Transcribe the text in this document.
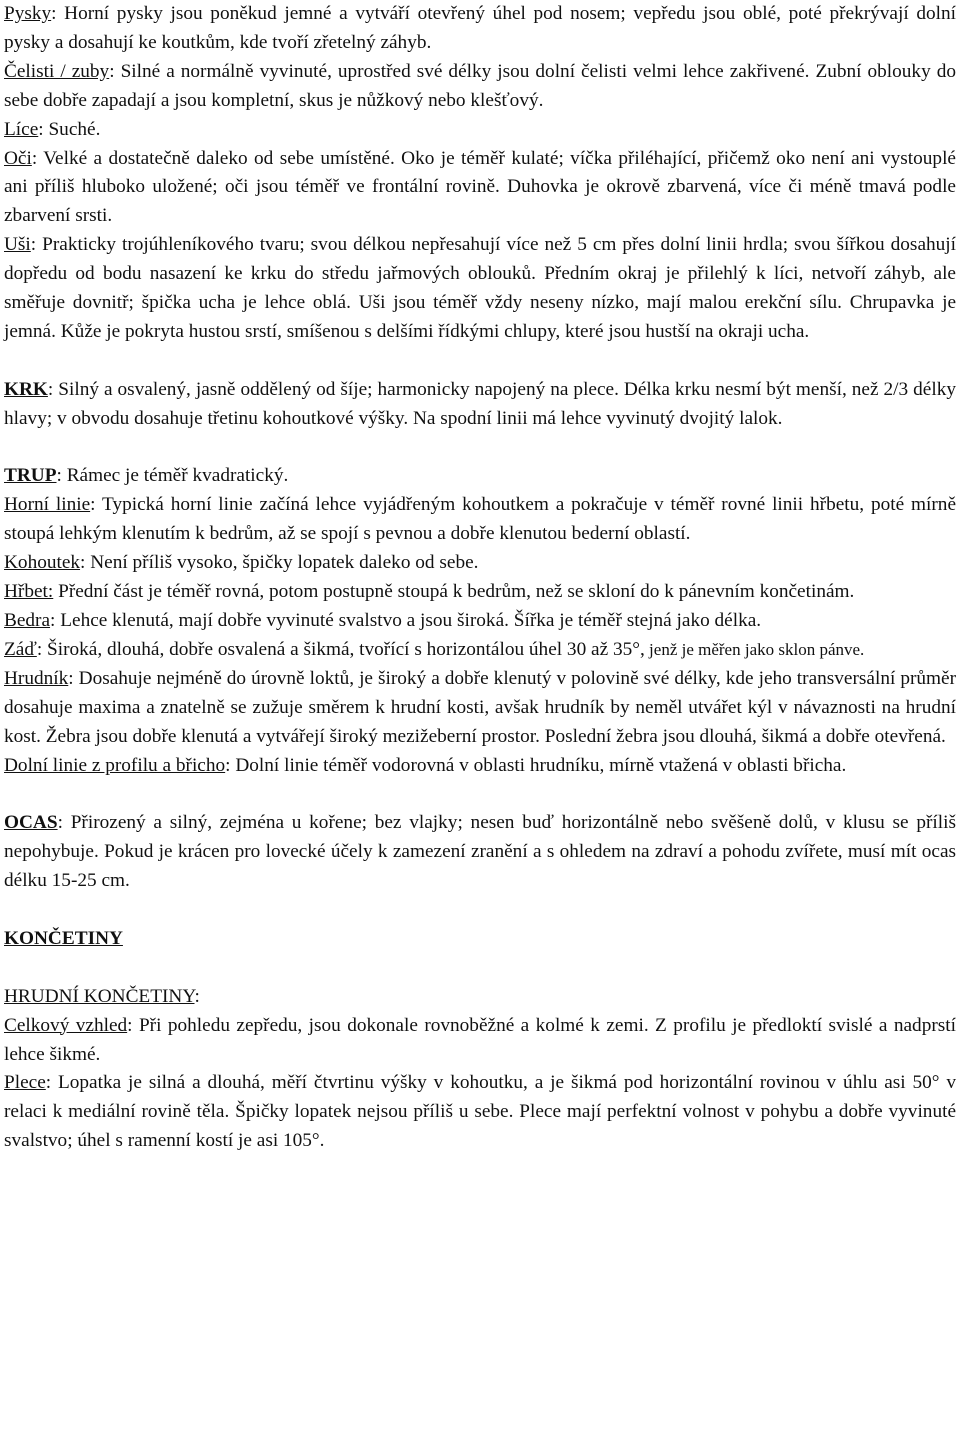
Pysky: Horní pysky jsou poněkud jemné a vytváří otevřený úhel pod nosem; vepředu jsou oblé, poté překrývají dolní pysky a dosahují ke koutkům, kde tvoří zřetelný záhyb.

Čelisti / zuby: Silné a normálně vyvinuté, uprostřed své délky jsou dolní čelisti velmi lehce zakřivené. Zubní oblouky do sebe dobře zapadají a jsou kompletní, skus je nůžkový nebo klešťový.

Líce: Suché.

Oči: Velké a dostatečně daleko od sebe umístěné. Oko je téměř kulaté; víčka přiléhající, přičemž oko není ani vystouplé ani příliš hluboko uložené; oči jsou téměř ve frontální rovině. Duhovka je okrově zbarvená, více či méně tmavá podle zbarvení srsti.

Uši: Prakticky trojúhleníkového tvaru; svou délkou nepřesahují více než 5 cm přes dolní linii hrdla; svou šířkou dosahují dopředu od bodu nasazení ke krku do středu jařmových oblouků. Předním okraj je přilehlý k líci, netvoří záhyb, ale směřuje dovnitř; špička ucha je lehce oblá. Uši jsou téměř vždy neseny nízko, mají malou erekční sílu. Chrupavka je jemná. Kůže je pokryta hustou srstí, smíšenou s delšími řídkými chlupy, které jsou hustší na okraji ucha.

KRK: Silný a osvalený, jasně oddělený od šíje; harmonicky napojený na plece. Délka krku nesmí být menší, než 2/3 délky hlavy; v obvodu dosahuje třetinu kohoutkové výšky. Na spodní linii má lehce vyvinutý dvojitý lalok.

TRUP: Rámec je téměř kvadratický.

Horní linie: Typická horní linie začíná lehce vyjádřeným kohoutkem a pokračuje v téměř rovné linii hřbetu, poté mírně stoupá lehkým klenutím k bedrům, až se spojí s pevnou a dobře klenutou bederní oblastí.

Kohoutek: Není příliš vysoko, špičky lopatek daleko od sebe.

Hřbet: Přední část je téměř rovná, potom postupně stoupá k bedrům, než se skloní do k pánevním končetinám.

Bedra: Lehce klenutá, mají dobře vyvinuté svalstvo a jsou široká. Šířka je téměř stejná jako délka.

Záď: Široká, dlouhá, dobře osvalená a šikmá, tvořící s horizontálou úhel 30 až 35°, jenž je měřen jako sklon pánve.

Hrudník: Dosahuje nejméně do úrovně loktů, je široký a dobře klenutý v polovině své délky, kde jeho transversální průměr dosahuje maxima a znatelně se zužuje směrem k hrudní kosti, avšak hrudník by neměl utvářet kýl v návaznosti na hrudní kost. Žebra jsou dobře klenutá a vytvářejí široký mezižeberní prostor. Poslední žebra jsou dlouhá, šikmá a dobře otevřená.

Dolní linie z profilu a břicho: Dolní linie téměř vodorovná v oblasti hrudníku, mírně vtažená v oblasti břicha.

OCAS: Přirozený a silný, zejména u kořene; bez vlajky; nesen buď horizontálně nebo svěšeně dolů, v klusu se příliš nepohybuje. Pokud je krácen pro lovecké účely k zamezení zranění a s ohledem na zdraví a pohodu zvířete, musí mít ocas délku 15-25 cm.

KONČETINY

HRUDNÍ KONČETINY:

Celkový vzhled: Při pohledu zepředu, jsou dokonale rovnoběžné a kolmé k zemi. Z profilu je předloktí svislé a nadprstí lehce šikmé.

Plece: Lopatka je silná a dlouhá, měří čtvrtinu výšky v kohoutku, a je šikmá pod horizontální rovinou v úhlu asi 50° v relaci k mediální rovině těla. Špičky lopatek nejsou příliš u sebe. Plece mají perfektní volnost v pohybu a dobře vyvinuté svalstvo; úhel s ramenní kostí je asi 105°.
